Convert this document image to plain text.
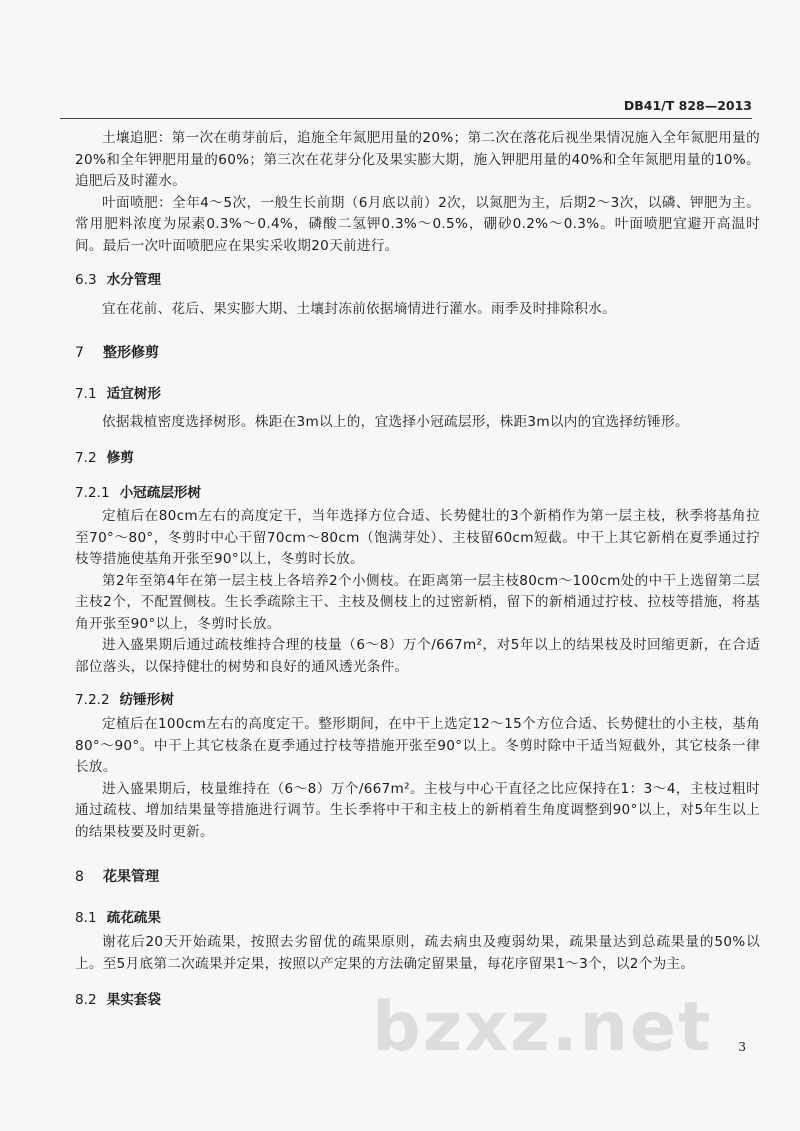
DB41/T 828—2013

土壤追肥：第一次在萌芽前后，追施全年氮肥用量的20%；第二次在落花后视坐果情况施入全年氮肥用量的20%和全年钾肥用量的60%；第三次在花芽分化及果实膨大期，施入钾肥用量的40%和全年氮肥用量的10%。追肥后及时灌水。

叶面喷肥：全年4～5次，一般生长前期（6月底以前）2次，以氮肥为主，后期2～3次，以磷、钾肥为主。常用肥料浓度为尿素0.3%～0.4%，磷酸二氢钾0.3%～0.5%，硼砂0.2%～0.3%。叶面喷肥宜避开高温时间。最后一次叶面喷肥应在果实采收期20天前进行。

6.3 水分管理

宜在花前、花后、果实膨大期、土壤封冻前依据墒情进行灌水。雨季及时排除积水。

7 整形修剪
7.1 适宜树形

依据栽植密度选择树形。株距在3m以上的，宜选择小冠疏层形，株距3m以内的宜选择纺锤形。

7.2 修剪
7.2.1 小冠疏层形树

定植后在80cm左右的高度定干，当年选择方位合适、长势健壮的3个新梢作为第一层主枝，秋季将基角拉至70°～80°，冬剪时中心干留70cm～80cm（饱满芽处）、主枝留60cm短截。中干上其它新梢在夏季通过拧枝等措施使基角开张至90°以上，冬剪时长放。

第2年至第4年在第一层主枝上各培养2个小侧枝。在距离第一层主枝80cm～100cm处的中干上选留第二层主枝2个，不配置侧枝。生长季疏除主干、主枝及侧枝上的过密新梢，留下的新梢通过拧枝、拉枝等措施，将基角开张至90°以上，冬剪时长放。

进入盛果期后通过疏枝维持合理的枝量（6～8）万个/667m²，对5年以上的结果枝及时回缩更新，在合适部位落头，以保持健壮的树势和良好的通风透光条件。

7.2.2 纺锤形树

定植后在100cm左右的高度定干。整形期间，在中干上选定12～15个方位合适、长势健壮的小主枝，基角80°～90°。中干上其它枝条在夏季通过拧枝等措施开张至90°以上。冬剪时除中干适当短截外，其它枝条一律长放。

进入盛果期后，枝量维持在（6～8）万个/667m²。主枝与中心干直径之比应保持在1：3～4，主枝过粗时通过疏枝、增加结果量等措施进行调节。生长季将中干和主枝上的新梢着生角度调整到90°以上，对5年生以上的结果枝要及时更新。

8 花果管理
8.1 疏花疏果

谢花后20天开始疏果，按照去劣留优的疏果原则，疏去病虫及瘦弱幼果，疏果量达到总疏果量的50%以上。至5月底第二次疏果并定果，按照以产定果的方法确定留果量，每花序留果1～3个，以2个为主。

8.2 果实套袋	bzxz.net 3
